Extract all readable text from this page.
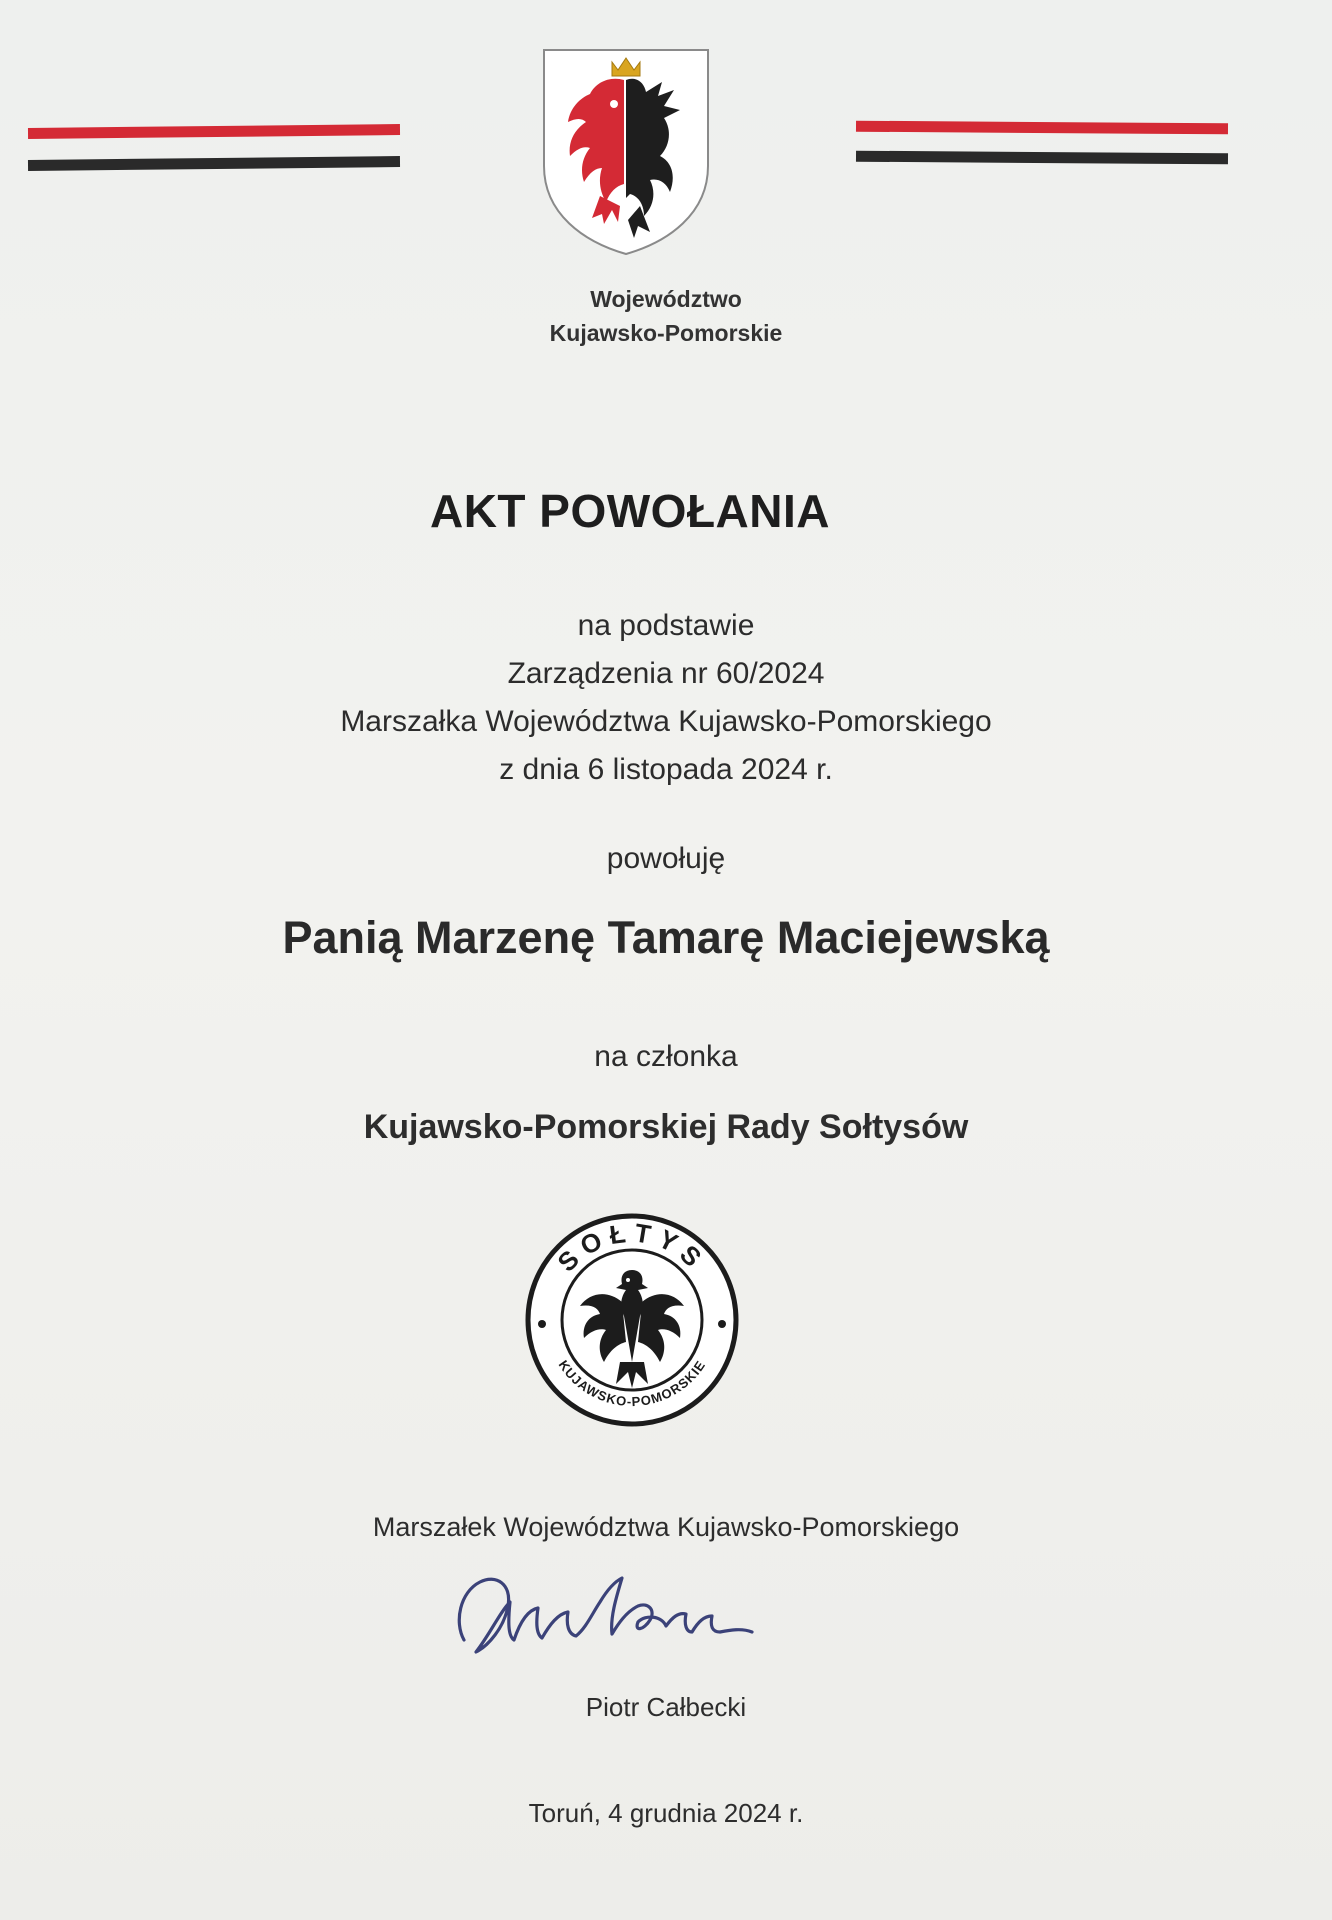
Województwo
Kujawsko-Pomorskie
AKT POWOŁANIA
na podstawie
Zarządzenia nr 60/2024
Marszałka Województwa Kujawsko-Pomorskiego
z dnia 6 listopada 2024 r.
powołuję
Panią Marzenę Tamarę Maciejewską
na członka
Kujawsko-Pomorskiej Rady Sołtysów
SOŁTYS
KUJAWSKO-POMORSKIE
Marszałek Województwa Kujawsko-Pomorskiego
Piotr Całbecki
Toruń, 4 grudnia 2024 r.
